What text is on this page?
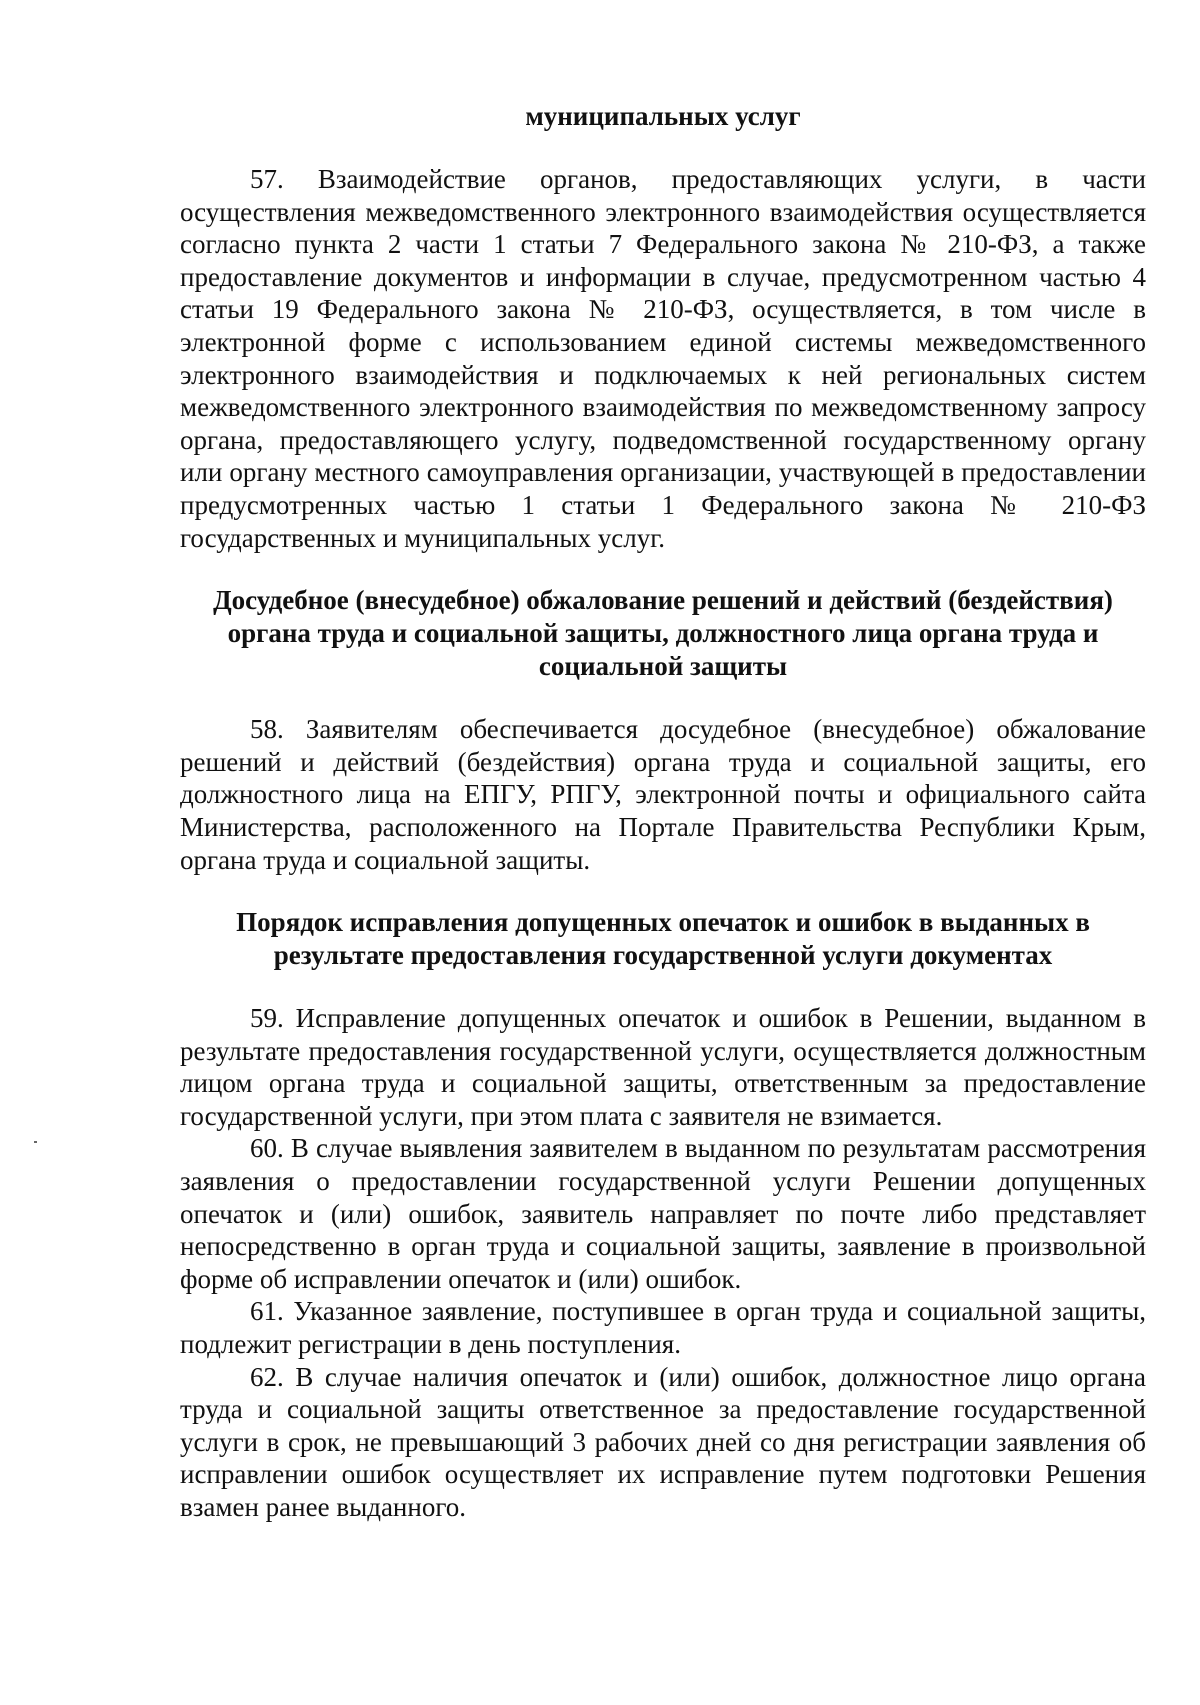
муниципальных услуг

57. Взаимодействие органов, предоставляющих услуги, в части осуществления межведомственного электронного взаимодействия осуществляется согласно пункта 2 части 1 статьи 7 Федерального закона № 210-ФЗ, а также предоставление документов и информации в случае, предусмотренном частью 4 статьи 19 Федерального закона № 210-ФЗ, осуществляется, в том числе в электронной форме с использованием единой системы межведомственного электронного взаимодействия и подключаемых к ней региональных систем межведомственного электронного взаимодействия по межведомственному запросу органа, предоставляющего услугу, подведомственной государственному органу или органу местного самоуправления организации, участвующей в предоставлении предусмотренных частью 1 статьи 1 Федерального закона № 210-ФЗ государственных и муниципальных услуг.

Досудебное (внесудебное) обжалование решений и действий (бездействия) органа труда и социальной защиты, должностного лица органа труда и социальной защиты

58. Заявителям обеспечивается досудебное (внесудебное) обжалование решений и действий (бездействия) органа труда и социальной защиты, его должностного лица на ЕПГУ, РПГУ, электронной почты и официального сайта Министерства, расположенного на Портале Правительства Республики Крым, органа труда и социальной защиты.

Порядок исправления допущенных опечаток и ошибок в выданных в результате предоставления государственной услуги документах

59. Исправление допущенных опечаток и ошибок в Решении, выданном в результате предоставления государственной услуги, осуществляется должностным лицом органа труда и социальной защиты, ответственным за предоставление государственной услуги, при этом плата с заявителя не взимается.

60. В случае выявления заявителем в выданном по результатам рассмотрения заявления о предоставлении государственной услуги Решении допущенных опечаток и (или) ошибок, заявитель направляет по почте либо представляет непосредственно в орган труда и социальной защиты, заявление в произвольной форме об исправлении опечаток и (или) ошибок.

61. Указанное заявление, поступившее в орган труда и социальной защиты, подлежит регистрации в день поступления.

62. В случае наличия опечаток и (или) ошибок, должностное лицо органа труда и социальной защиты ответственное за предоставление государственной услуги в срок, не превышающий 3 рабочих дней со дня регистрации заявления об исправлении ошибок осуществляет их исправление путем подготовки Решения взамен ранее выданного.
